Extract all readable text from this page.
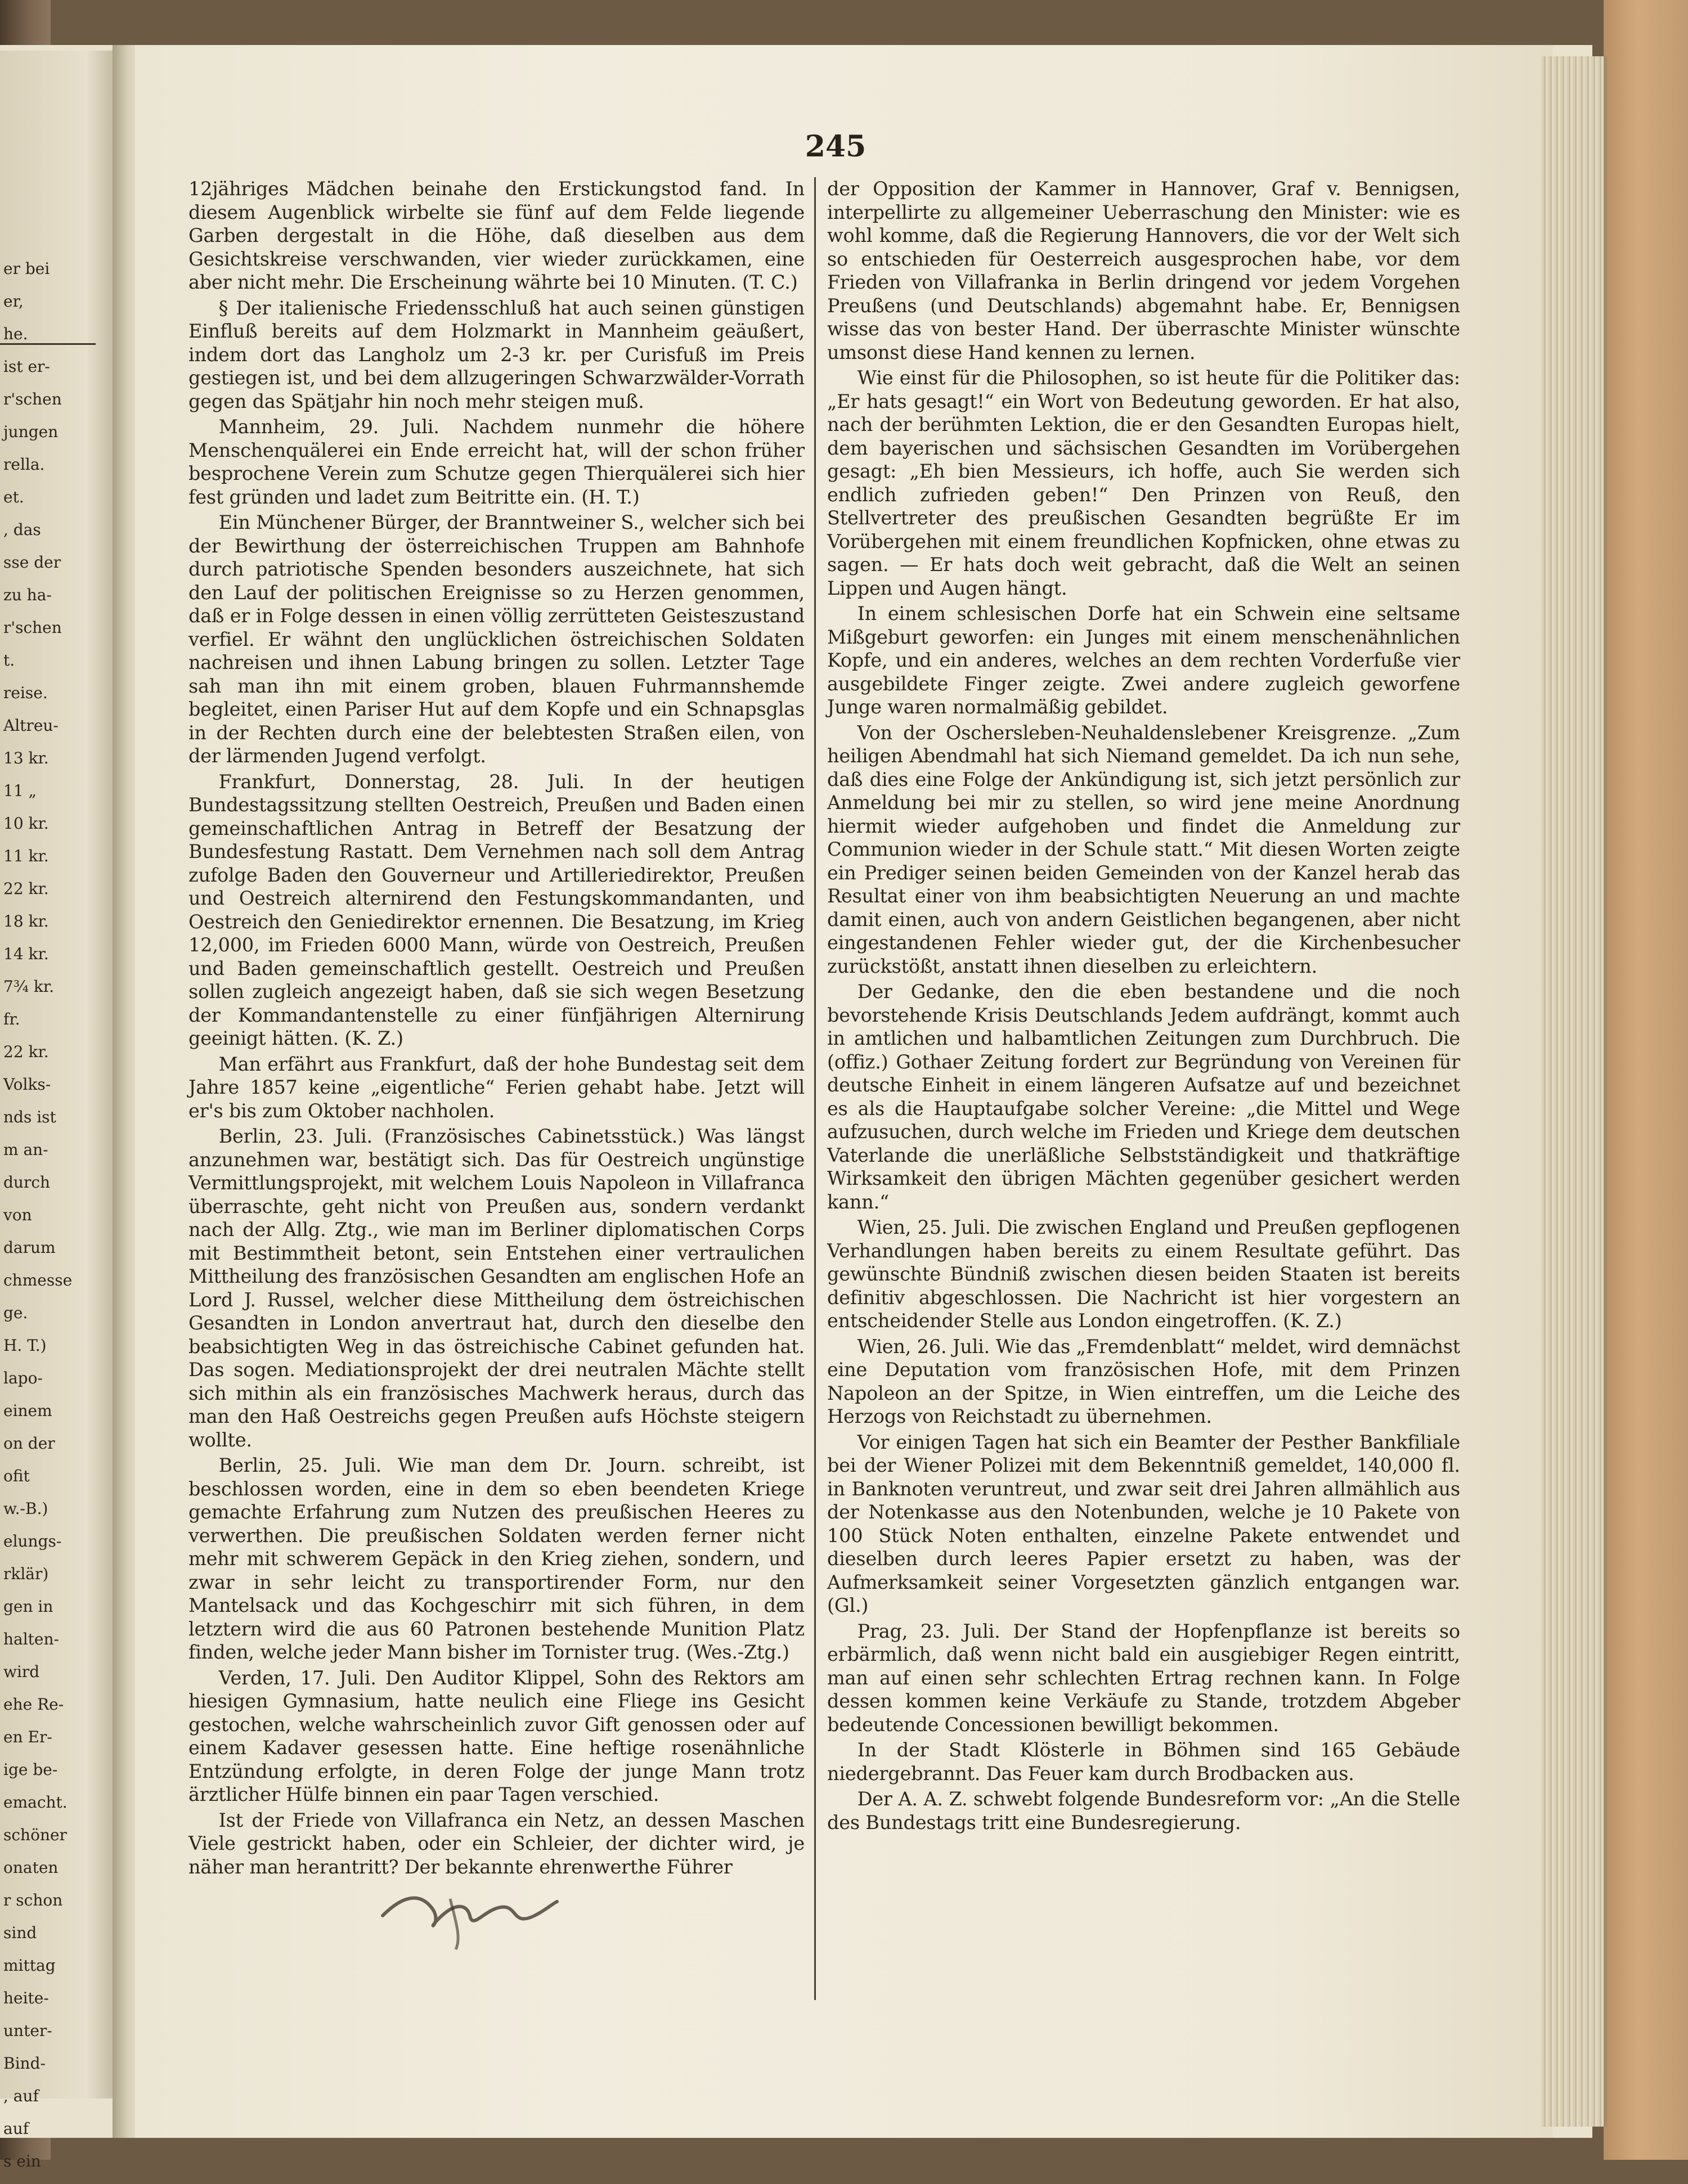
er bei
er,
he.
ist er-
r'schen
jungen
rella.
et.
, das
sse der
zu ha-
r'schen
t.
reise.
Altreu-
13 kr.
11 „
10 kr.
11 kr.
22 kr.
18 kr.
14 kr.
7¾ kr.
fr.
22 kr.
Volks-
nds ist
m an-
durch
von
darum
chmesse
ge.
H. T.)
lapo-
einem
on der
ofit
w.-B.)
elungs-
rklär)
gen in
halten-
wird
ehe Re-
en Er-
ige be-
emacht.
schöner
onaten
r schon
sind
mittag
heite-
unter-
Bind-
, auf
auf
s ein
245

12jähriges Mädchen beinahe den Erstickungstod fand. In diesem Augenblick wirbelte sie fünf auf dem Felde liegende Garben dergestalt in die Höhe, daß dieselben aus dem Gesichtskreise verschwanden, vier wieder zurückkamen, eine aber nicht mehr. Die Erscheinung währte bei 10 Minuten. (T. C.)

§ Der italienische Friedensschluß hat auch seinen günstigen Einfluß bereits auf dem Holzmarkt in Mannheim geäußert, indem dort das Langholz um 2-3 kr. per Curisfuß im Preis gestiegen ist, und bei dem allzugeringen Schwarzwälder-Vorrath gegen das Spätjahr hin noch mehr steigen muß.

Mannheim, 29. Juli. Nachdem nunmehr die höhere Menschenquälerei ein Ende erreicht hat, will der schon früher besprochene Verein zum Schutze gegen Thierquälerei sich hier fest gründen und ladet zum Beitritte ein. (H. T.)

Ein Münchener Bürger, der Branntweiner S., welcher sich bei der Bewirthung der österreichischen Truppen am Bahnhofe durch patriotische Spenden besonders auszeichnete, hat sich den Lauf der politischen Ereignisse so zu Herzen genommen, daß er in Folge dessen in einen völlig zerrütteten Geisteszustand verfiel. Er wähnt den unglücklichen östreichischen Soldaten nachreisen und ihnen Labung bringen zu sollen. Letzter Tage sah man ihn mit einem groben, blauen Fuhrmannshemde begleitet, einen Pariser Hut auf dem Kopfe und ein Schnapsglas in der Rechten durch eine der belebtesten Straßen eilen, von der lärmenden Jugend verfolgt.

Frankfurt, Donnerstag, 28. Juli. In der heutigen Bundestagssitzung stellten Oestreich, Preußen und Baden einen gemeinschaftlichen Antrag in Betreff der Besatzung der Bundesfestung Rastatt. Dem Vernehmen nach soll dem Antrag zufolge Baden den Gouverneur und Artilleriedirektor, Preußen und Oestreich alternirend den Festungskommandanten, und Oestreich den Geniedirektor ernennen. Die Besatzung, im Krieg 12,000, im Frieden 6000 Mann, würde von Oestreich, Preußen und Baden gemeinschaftlich gestellt. Oestreich und Preußen sollen zugleich angezeigt haben, daß sie sich wegen Besetzung der Kommandantenstelle zu einer fünfjährigen Alternirung geeinigt hätten. (K. Z.)

Man erfährt aus Frankfurt, daß der hohe Bundestag seit dem Jahre 1857 keine „eigentliche“ Ferien gehabt habe. Jetzt will er's bis zum Oktober nachholen.

Berlin, 23. Juli. (Französisches Cabinetsstück.) Was längst anzunehmen war, bestätigt sich. Das für Oestreich ungünstige Vermittlungsprojekt, mit welchem Louis Napoleon in Villafranca überraschte, geht nicht von Preußen aus, sondern verdankt nach der Allg. Ztg., wie man im Berliner diplomatischen Corps mit Bestimmtheit betont, sein Entstehen einer vertraulichen Mittheilung des französischen Gesandten am englischen Hofe an Lord J. Russel, welcher diese Mittheilung dem östreichischen Gesandten in London anvertraut hat, durch den dieselbe den beabsichtigten Weg in das östreichische Cabinet gefunden hat. Das sogen. Mediationsprojekt der drei neutralen Mächte stellt sich mithin als ein französisches Machwerk heraus, durch das man den Haß Oestreichs gegen Preußen aufs Höchste steigern wollte.

Berlin, 25. Juli. Wie man dem Dr. Journ. schreibt, ist beschlossen worden, eine in dem so eben beendeten Kriege gemachte Erfahrung zum Nutzen des preußischen Heeres zu verwerthen. Die preußischen Soldaten werden ferner nicht mehr mit schwerem Gepäck in den Krieg ziehen, sondern, und zwar in sehr leicht zu transportirender Form, nur den Mantelsack und das Kochgeschirr mit sich führen, in dem letztern wird die aus 60 Patronen bestehende Munition Platz finden, welche jeder Mann bisher im Tornister trug. (Wes.-Ztg.)

Verden, 17. Juli. Den Auditor Klippel, Sohn des Rektors am hiesigen Gymnasium, hatte neulich eine Fliege ins Gesicht gestochen, welche wahrscheinlich zuvor Gift genossen oder auf einem Kadaver gesessen hatte. Eine heftige rosenähnliche Entzündung erfolgte, in deren Folge der junge Mann trotz ärztlicher Hülfe binnen ein paar Tagen verschied.

Ist der Friede von Villafranca ein Netz, an dessen Maschen Viele gestrickt haben, oder ein Schleier, der dichter wird, je näher man herantritt? Der bekannte ehrenwerthe Führer

der Opposition der Kammer in Hannover, Graf v. Bennigsen, interpellirte zu allgemeiner Ueberraschung den Minister: wie es wohl komme, daß die Regierung Hannovers, die vor der Welt sich so entschieden für Oesterreich ausgesprochen habe, vor dem Frieden von Villafranka in Berlin dringend vor jedem Vorgehen Preußens (und Deutschlands) abgemahnt habe. Er, Bennigsen wisse das von bester Hand. Der überraschte Minister wünschte umsonst diese Hand kennen zu lernen.

Wie einst für die Philosophen, so ist heute für die Politiker das: „Er hats gesagt!“ ein Wort von Bedeutung geworden. Er hat also, nach der berühmten Lektion, die er den Gesandten Europas hielt, dem bayerischen und sächsischen Gesandten im Vorübergehen gesagt: „Eh bien Messieurs, ich hoffe, auch Sie werden sich endlich zufrieden geben!“ Den Prinzen von Reuß, den Stellvertreter des preußischen Gesandten begrüßte Er im Vorübergehen mit einem freundlichen Kopfnicken, ohne etwas zu sagen. — Er hats doch weit gebracht, daß die Welt an seinen Lippen und Augen hängt.

In einem schlesischen Dorfe hat ein Schwein eine seltsame Mißgeburt geworfen: ein Junges mit einem menschenähnlichen Kopfe, und ein anderes, welches an dem rechten Vorderfuße vier ausgebildete Finger zeigte. Zwei andere zugleich geworfene Junge waren normalmäßig gebildet.

Von der Oschersleben-Neuhaldenslebener Kreisgrenze. „Zum heiligen Abendmahl hat sich Niemand gemeldet. Da ich nun sehe, daß dies eine Folge der Ankündigung ist, sich jetzt persönlich zur Anmeldung bei mir zu stellen, so wird jene meine Anordnung hiermit wieder aufgehoben und findet die Anmeldung zur Communion wieder in der Schule statt.“ Mit diesen Worten zeigte ein Prediger seinen beiden Gemeinden von der Kanzel herab das Resultat einer von ihm beabsichtigten Neuerung an und machte damit einen, auch von andern Geistlichen begangenen, aber nicht eingestandenen Fehler wieder gut, der die Kirchenbesucher zurückstößt, anstatt ihnen dieselben zu erleichtern.

Der Gedanke, den die eben bestandene und die noch bevorstehende Krisis Deutschlands Jedem aufdrängt, kommt auch in amtlichen und halbamtlichen Zeitungen zum Durchbruch. Die (offiz.) Gothaer Zeitung fordert zur Begründung von Vereinen für deutsche Einheit in einem längeren Aufsatze auf und bezeichnet es als die Hauptaufgabe solcher Vereine: „die Mittel und Wege aufzusuchen, durch welche im Frieden und Kriege dem deutschen Vaterlande die unerläßliche Selbstständigkeit und thatkräftige Wirksamkeit den übrigen Mächten gegenüber gesichert werden kann.“

Wien, 25. Juli. Die zwischen England und Preußen gepflogenen Verhandlungen haben bereits zu einem Resultate geführt. Das gewünschte Bündniß zwischen diesen beiden Staaten ist bereits definitiv abgeschlossen. Die Nachricht ist hier vorgestern an entscheidender Stelle aus London eingetroffen. (K. Z.)

Wien, 26. Juli. Wie das „Fremdenblatt“ meldet, wird demnächst eine Deputation vom französischen Hofe, mit dem Prinzen Napoleon an der Spitze, in Wien eintreffen, um die Leiche des Herzogs von Reichstadt zu übernehmen.

Vor einigen Tagen hat sich ein Beamter der Pesther Bankfiliale bei der Wiener Polizei mit dem Bekenntniß gemeldet, 140,000 fl. in Banknoten veruntreut, und zwar seit drei Jahren allmählich aus der Notenkasse aus den Notenbunden, welche je 10 Pakete von 100 Stück Noten enthalten, einzelne Pakete entwendet und dieselben durch leeres Papier ersetzt zu haben, was der Aufmerksamkeit seiner Vorgesetzten gänzlich entgangen war. (Gl.)

Prag, 23. Juli. Der Stand der Hopfenpflanze ist bereits so erbärmlich, daß wenn nicht bald ein ausgiebiger Regen eintritt, man auf einen sehr schlechten Ertrag rechnen kann. In Folge dessen kommen keine Verkäufe zu Stande, trotzdem Abgeber bedeutende Concessionen bewilligt bekommen.

In der Stadt Klösterle in Böhmen sind 165 Gebäude niedergebrannt. Das Feuer kam durch Brodbacken aus.

Der A. A. Z. schwebt folgende Bundesreform vor: „An die Stelle des Bundestags tritt eine Bundesregierung.
